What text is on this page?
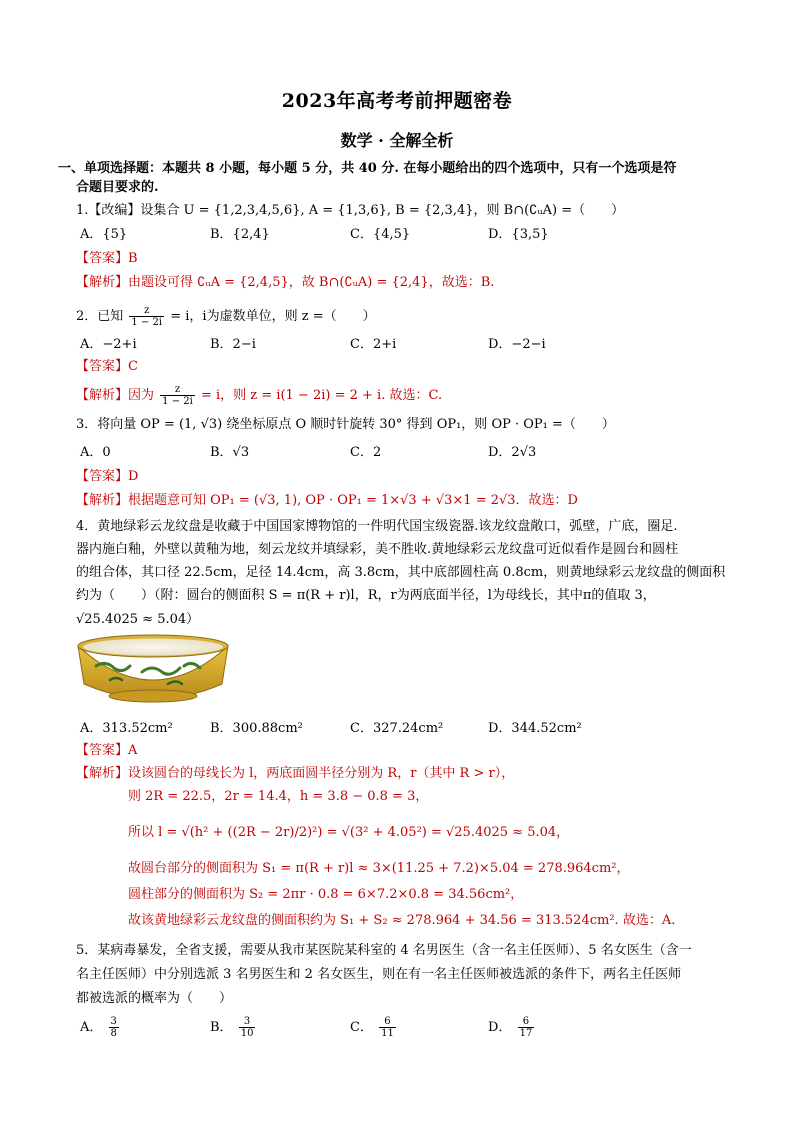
2023年高考考前押题密卷
数学 · 全解全析
一、单项选择题：本题共 8 小题，每小题 5 分，共 40 分. 在每小题给出的四个选项中，只有一个选项是符
合题目要求的.
1.【改编】设集合 U = {1,2,3,4,5,6}, A = {1,3,6}, B = {2,3,4}，则 B∩(∁ᵤA) =（　　）
A．{5}	B．{2,4}	C．{4,5}	D．{3,5}
【答案】B
【解析】由题设可得 ∁ᵤA = {2,4,5}，故 B∩(∁ᵤA) = {2,4}，故选：B.
2．已知 $\frac{z}{1 - 2i} = i$，i为虚数单位，则 z =（　　）
A．−2+i	B．2−i	C．2+i	D．−2−i
【答案】C
【解析】因为 $\frac{z}{1 - 2i} = i$，则 z = i(1 − 2i) = 2 + i. 故选：C.
3．将向量 OP = (1, √3) 绕坐标原点 O 顺时针旋转 30° 得到 OP₁，则 OP · OP₁ =（　　）
A．0	B．√3	C．2	D．2√3
【答案】D
【解析】根据题意可知 OP₁ = (√3, 1), OP · OP₁ = 1×√3 + √3×1 = 2√3．故选：D
4．黄地绿彩云龙纹盘是收藏于中国国家博物馆的一件明代国宝级瓷器.该龙纹盘敞口，弧壁，广底，圈足.
器内施白釉，外壁以黄釉为地，刻云龙纹并填绿彩，美不胜收.黄地绿彩云龙纹盘可近似看作是圆台和圆柱
的组合体，其口径 22.5cm，足径 14.4cm，高 3.8cm，其中底部圆柱高 0.8cm，则黄地绿彩云龙纹盘的侧面积
约为（　　）（附：圆台的侧面积 S = π(R + r)l，R，r为两底面半径，l为母线长，其中π的值取 3，
√25.4025 ≈ 5.04）
A．313.52cm²	B．300.88cm²	C．327.24cm²	D．344.52cm²
【答案】A
【解析】设该圆台的母线长为 l，两底面圆半径分别为 R，r（其中 R > r），
则 2R = 22.5，2r = 14.4，h = 3.8 − 0.8 = 3，
所以 l = √(h² + ((2R − 2r)/2)²) = √(3² + 4.05²) = √25.4025 ≈ 5.04，
故圆台部分的侧面积为 S₁ = π(R + r)l ≈ 3×(11.25 + 7.2)×5.04 = 278.964cm²，
圆柱部分的侧面积为 S₂ = 2πr · 0.8 = 6×7.2×0.8 = 34.56cm²，
故该黄地绿彩云龙纹盘的侧面积约为 S₁ + S₂ ≈ 278.964 + 34.56 = 313.524cm². 故选：A.
5．某病毒暴发，全省支援，需要从我市某医院某科室的 4 名男医生（含一名主任医师）、5 名女医生（含一
名主任医师）中分别选派 3 名男医生和 2 名女医生，则在有一名主任医师被选派的条件下，两名主任医师
都被选派的概率为（　　）
A． $\frac{3}{8}$	B． $\frac{3}{10}$	C． $\frac{6}{11}$	D． $\frac{6}{17}$
